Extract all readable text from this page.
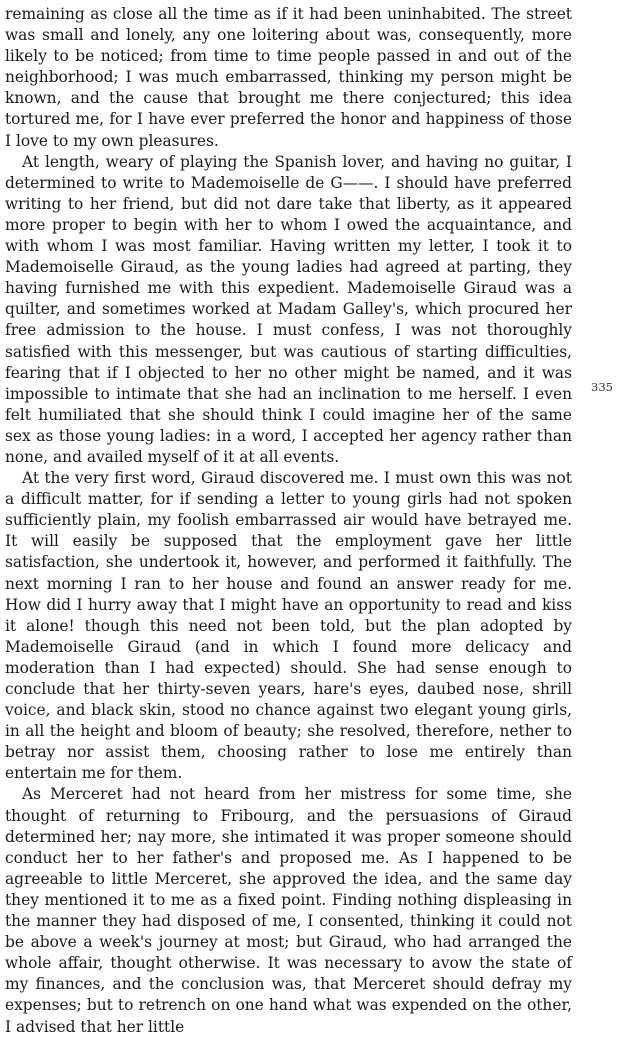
remaining as close all the time as if it had been uninhabited. The street was small and lonely, any one loitering about was, consequently, more likely to be noticed; from time to time people passed in and out of the neighborhood; I was much embarrassed, thinking my person might be known, and the cause that brought me there conjectured; this idea tortured me, for I have ever preferred the honor and happiness of those I love to my own pleasures.

At length, weary of playing the Spanish lover, and having no guitar, I determined to write to Mademoiselle de G——. I should have preferred writing to her friend, but did not dare take that liberty, as it appeared more proper to begin with her to whom I owed the acquaintance, and with whom I was most familiar. Having written my letter, I took it to Mademoiselle Giraud, as the young ladies had agreed at parting, they having furnished me with this expedient. Mademoiselle Giraud was a quilter, and sometimes worked at Madam Galley's, which procured her free admission to the house. I must confess, I was not thoroughly satisfied with this messenger, but was cautious of starting difficulties, fearing that if I objected to her no other might be named, and it was impossible to intimate that she had an inclination to me herself. I even felt humiliated that she should think I could imagine her of the same sex as those young ladies: in a word, I accepted her agency rather than none, and availed myself of it at all events.

At the very first word, Giraud discovered me. I must own this was not a difficult matter, for if sending a letter to young girls had not spoken sufficiently plain, my foolish embarrassed air would have betrayed me. It will easily be supposed that the employment gave her little satisfaction, she undertook it, however, and performed it faithfully. The next morning I ran to her house and found an answer ready for me. How did I hurry away that I might have an opportunity to read and kiss it alone! though this need not been told, but the plan adopted by Mademoiselle Giraud (and in which I found more delicacy and moderation than I had expected) should. She had sense enough to conclude that her thirty-seven years, hare's eyes, daubed nose, shrill voice, and black skin, stood no chance against two elegant young girls, in all the height and bloom of beauty; she resolved, therefore, nether to betray nor assist them, choosing rather to lose me entirely than entertain me for them.

As Merceret had not heard from her mistress for some time, she thought of returning to Fribourg, and the persuasions of Giraud determined her; nay more, she intimated it was proper someone should conduct her to her father's and proposed me. As I happened to be agreeable to little Merceret, she approved the idea, and the same day they mentioned it to me as a fixed point. Finding nothing displeasing in the manner they had disposed of me, I consented, thinking it could not be above a week's journey at most; but Giraud, who had arranged the whole affair, thought otherwise. It was necessary to avow the state of my finances, and the conclusion was, that Merceret should defray my expenses; but to retrench on one hand what was expended on the other, I advised that her little

335
